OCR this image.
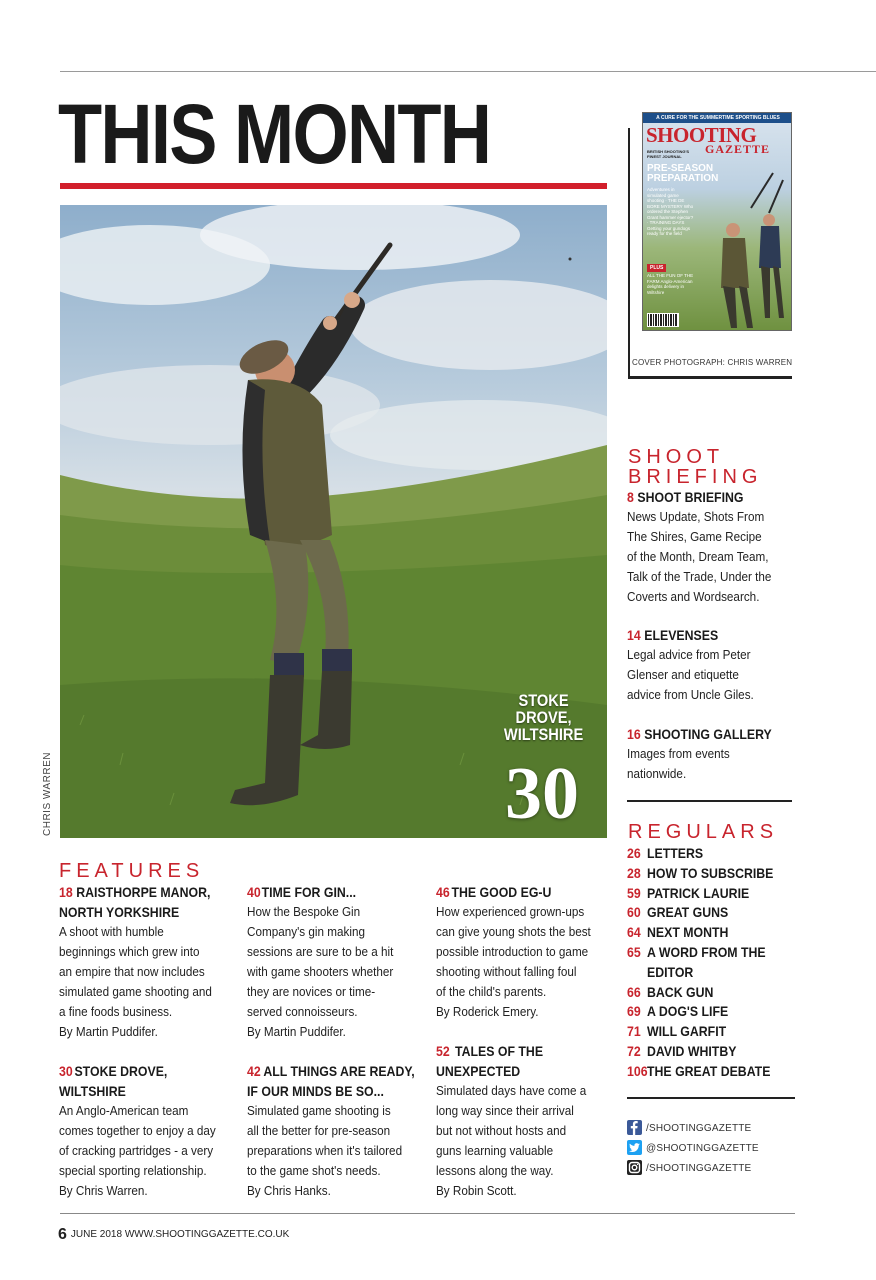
THIS MONTH
STOKE
DROVE,
WILTSHIRE
30
CHRIS WARREN
A CURE FOR THE SUMMERTIME SPORTING BLUES
SHOOTING
GAZETTE
BRITISH SHOOTING'S FINEST JOURNAL
PRE-SEASON PREPARATION
Adventures in simulated game shooting · THE DE BORE MYSTERY Who ordered the Stephen Grant hammer ejector? · TRAINING DAYS Getting your gundogs ready for the field
PLUS
ALL THE FUN OF THE FARM Anglo-American delights delivery in Wiltshire
COVER PHOTOGRAPH: CHRIS WARREN
SHOOT
BRIEFING
8 SHOOT BRIEFING
News Update, Shots From
The Shires, Game Recipe
of the Month, Dream Team,
Talk of the Trade, Under the
Coverts and Wordsearch.
14 ELEVENSES
Legal advice from Peter
Glenser and etiquette
advice from Uncle Giles.
16 SHOOTING GALLERY
Images from events
nationwide.
REGULARS
26 LETTERS
28 HOW TO SUBSCRIBE
59 PATRICK LAURIE
60 GREAT GUNS
64 NEXT MONTH
65 A WORD FROM THE
EDITOR
66 BACK GUN
69 A DOG'S LIFE
71 WILL GARFIT
72 DAVID WHITBY
106 THE GREAT DEBATE
/SHOOTINGGAZETTE
@SHOOTINGGAZETTE
/SHOOTINGGAZETTE
FEATURES
18 RAISTHORPE MANOR,
NORTH YORKSHIRE
A shoot with humble
beginnings which grew into
an empire that now includes
simulated game shooting and
a fine foods business.
By Martin Puddifer.
40TIME FOR GIN...
How the Bespoke Gin
Company's gin making
sessions are sure to be a hit
with game shooters whether
they are novices or time-
served connoisseurs.
By Martin Puddifer.
46 THE GOOD EG-U
How experienced grown-ups
can give young shots the best
possible introduction to game
shooting without falling foul
of the child's parents.
By Roderick Emery.
30 STOKE DROVE,
WILTSHIRE
An Anglo-American team
comes together to enjoy a day
of cracking partridges - a very
special sporting relationship.
By Chris Warren.
42 ALL THINGS ARE READY,
IF OUR MINDS BE SO...
Simulated game shooting is
all the better for pre-season
preparations when it's tailored
to the game shot's needs.
By Chris Hanks.
52 TALES OF THE
UNEXPECTED
Simulated days have come a
long way since their arrival
but not without hosts and
guns learning valuable
lessons along the way.
By Robin Scott.
6 JUNE 2018 WWW.SHOOTINGGAZETTE.CO.UK
